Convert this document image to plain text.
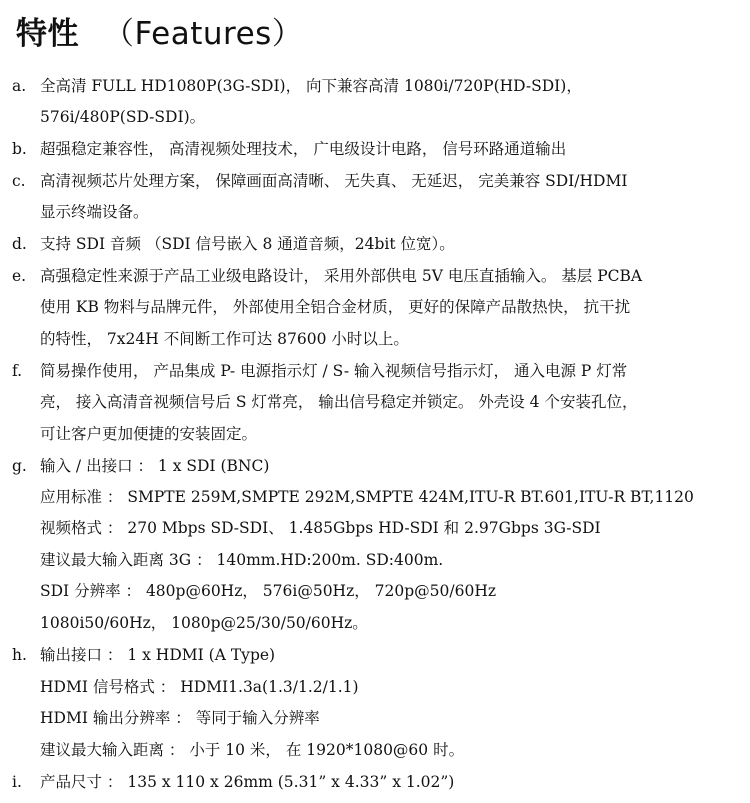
特性 （Features）
a. 全高清 FULL HD1080P(3G-SDI)， 向下兼容高清 1080i/720P(HD-SDI)，
576i/480P(SD-SDI)。
b. 超强稳定兼容性， 高清视频处理技术， 广电级设计电路， 信号环路通道输出
c. 高清视频芯片处理方案， 保障画面高清晰、 无失真、 无延迟， 完美兼容 SDI/HDMI
显示终端设备。
d. 支持 SDI 音频 （SDI 信号嵌入 8 通道音频，24bit 位宽）。
e. 高强稳定性来源于产品工业级电路设计， 采用外部供电 5V 电压直插输入。 基层 PCBA
使用 KB 物料与品牌元件， 外部使用全铝合金材质， 更好的保障产品散热快， 抗干扰
的特性， 7x24H 不间断工作可达 87600 小时以上。
f. 简易操作使用， 产品集成 P- 电源指示灯 / S- 输入视频信号指示灯， 通入电源 P 灯常
亮， 接入高清音视频信号后 S 灯常亮， 输出信号稳定并锁定。 外壳设 4 个安装孔位，
可让客户更加便捷的安装固定。
g. 输入 / 出接口 ： 1 x SDI (BNC)
应用标准 ： SMPTE 259M,SMPTE 292M,SMPTE 424M,ITU-R BT.601,ITU-R BT,1120
视频格式 ： 270 Mbps SD-SDI、 1.485Gbps HD-SDI 和 2.97Gbps 3G-SDI
建议最大输入距离 3G ： 140mm.HD:200m. SD:400m.
SDI 分辨率 ： 480p@60Hz， 576i@50Hz， 720p@50/60Hz
1080i50/60Hz， 1080p@25/30/50/60Hz。
h. 输出接口 ： 1 x HDMI (A Type)
HDMI 信号格式 ： HDMI1.3a(1.3/1.2/1.1)
HDMI 输出分辨率 ： 等同于输入分辨率
建议最大输入距离 ： 小于 10 米， 在 1920*1080@60 时。
i. 产品尺寸 ： 135 x 110 x 26mm (5.31” x 4.33” x 1.02”)
